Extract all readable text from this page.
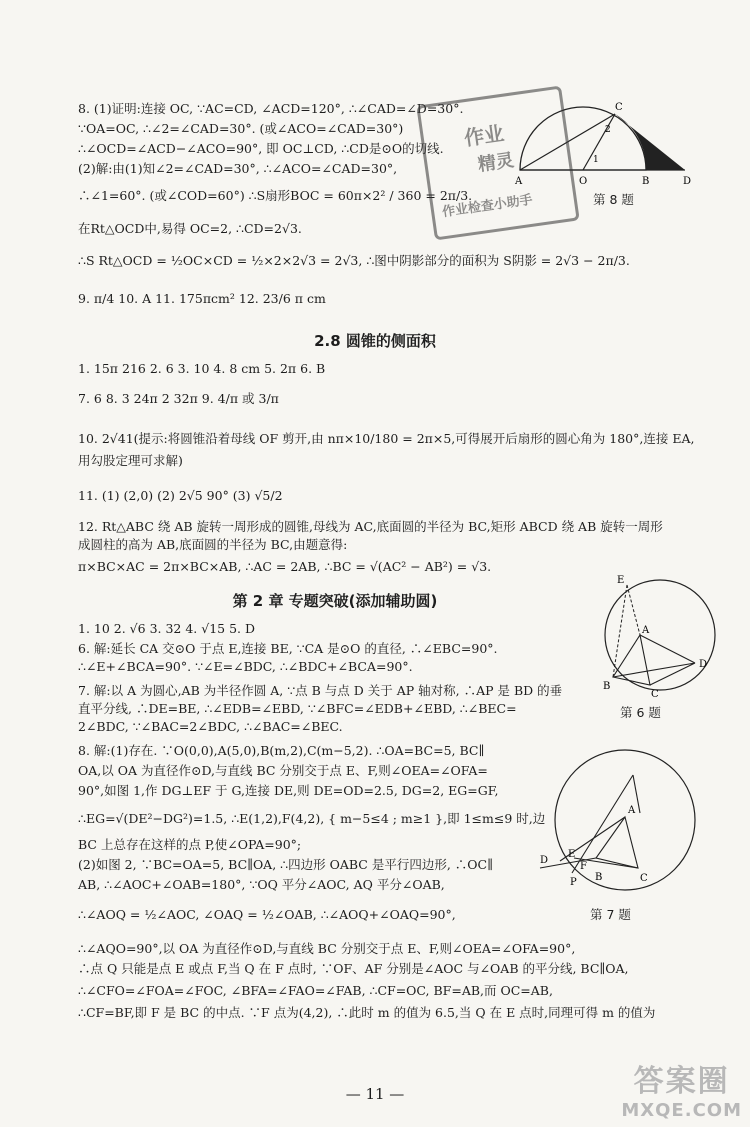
8. (1)证明:连接 OC, ∵AC=CD, ∠ACD=120°, ∴∠CAD=∠D=30°.
∵OA=OC, ∴∠2=∠CAD=30°. (或∠ACO=∠CAD=30°)
∴∠OCD=∠ACD−∠ACO=90°, 即 OC⊥CD, ∴CD是⊙O的切线.
(2)解:由(1)知∠2=∠CAD=30°, ∴∠ACO=∠CAD=30°,
∴∠1=60°. (或∠COD=60°) ∴S扇形BOC = 60π×2² / 360 = 2π/3.
在Rt△OCD中,易得 OC=2, ∴CD=2√3.
∴S Rt△OCD = ½OC×CD = ½×2×2√3 = 2√3, ∴图中阴影部分的面积为 S阴影 = 2√3 − 2π/3.
9. π/4 10. A 11. 175πcm² 12. 23/6 π cm
A	O	B
C
D
1
2
第 8 题
作业
精灵
作业检查小助手
2.8 圆锥的侧面积
1. 15π 216 2. 6 3. 10 4. 8 cm 5. 2π 6. B
7. 6 8. 3 24π 2 32π 9. 4/π 或 3/π
10. 2√41(提示:将圆锥沿着母线 OF 剪开,由 nπ×10/180 = 2π×5,可得展开后扇形的圆心角为 180°,连接 EA,
用勾股定理可求解)
11. (1) (2,0) (2) 2√5 90° (3) √5/2
12. Rt△ABC 绕 AB 旋转一周形成的圆锥,母线为 AC,底面圆的半径为 BC,矩形 ABCD 绕 AB 旋转一周形
成圆柱的高为 AB,底面圆的半径为 BC,由题意得:
π×BC×AC = 2π×BC×AB, ∴AC = 2AB, ∴BC = √(AC² − AB²) = √3.
第 2 章 专题突破(添加辅助圆)
1. 10 2. √6 3. 32 4. √15 5. D
6. 解:延长 CA 交⊙O 于点 E,连接 BE, ∵CA 是⊙O 的直径, ∴∠EBC=90°.
∴∠E+∠BCA=90°. ∵∠E=∠BDC, ∴∠BDC+∠BCA=90°.
7. 解:以 A 为圆心,AB 为半径作圆 A, ∵点 B 与点 D 关于 AP 轴对称, ∴AP 是 BD 的垂
直平分线, ∴DE=BE, ∴∠EDB=∠EBD, ∵∠BFC=∠EDB+∠EBD, ∴∠BEC=
2∠BDC, ∵∠BAC=2∠BDC, ∴∠BAC=∠BEC.
8. 解:(1)存在. ∵O(0,0),A(5,0),B(m,2),C(m−5,2). ∴OA=BC=5, BC∥
OA,以 OA 为直径作⊙D,与直线 BC 分别交于点 E、F,则∠OEA=∠OFA=
90°,如图 1,作 DG⊥EF 于 G,连接 DE,则 DE=OD=2.5, DG=2, EG=GF,
∴EG=√(DE²−DG²)=1.5, ∴E(1,2),F(4,2), { m−5≤4 ; m≥1 },即 1≤m≤9 时,边
BC 上总存在这样的点 P,使∠OPA=90°;
(2)如图 2, ∵BC=OA=5, BC∥OA, ∴四边形 OABC 是平行四边形, ∴OC∥
AB, ∴∠AOC+∠OAB=180°, ∵OQ 平分∠AOC, AQ 平分∠OAB,
∴∠AOQ = ½∠AOC, ∠OAQ = ½∠OAB, ∴∠AOQ+∠OAQ=90°,
∴∠AQO=90°,以 OA 为直径作⊙D,与直线 BC 分别交于点 E、F,则∠OEA=∠OFA=90°,
∴点 Q 只能是点 E 或点 F,当 Q 在 F 点时, ∵OF、AF 分别是∠AOC 与∠OAB 的平分线, BC∥OA,
∴∠CFO=∠FOA=∠FOC, ∠BFA=∠FAO=∠FAB, ∴CF=OC, BF=AB,而 OC=AB,
∴CF=BF,即 F 是 BC 的中点. ∵F 点为(4,2), ∴此时 m 的值为 6.5,当 Q 在 E 点时,同理可得 m 的值为
E
A
B
C
D
第 6 题
A
D
E
F
B	C
P
第 7 题
— 11 —	答案圈
MXQE.COM
